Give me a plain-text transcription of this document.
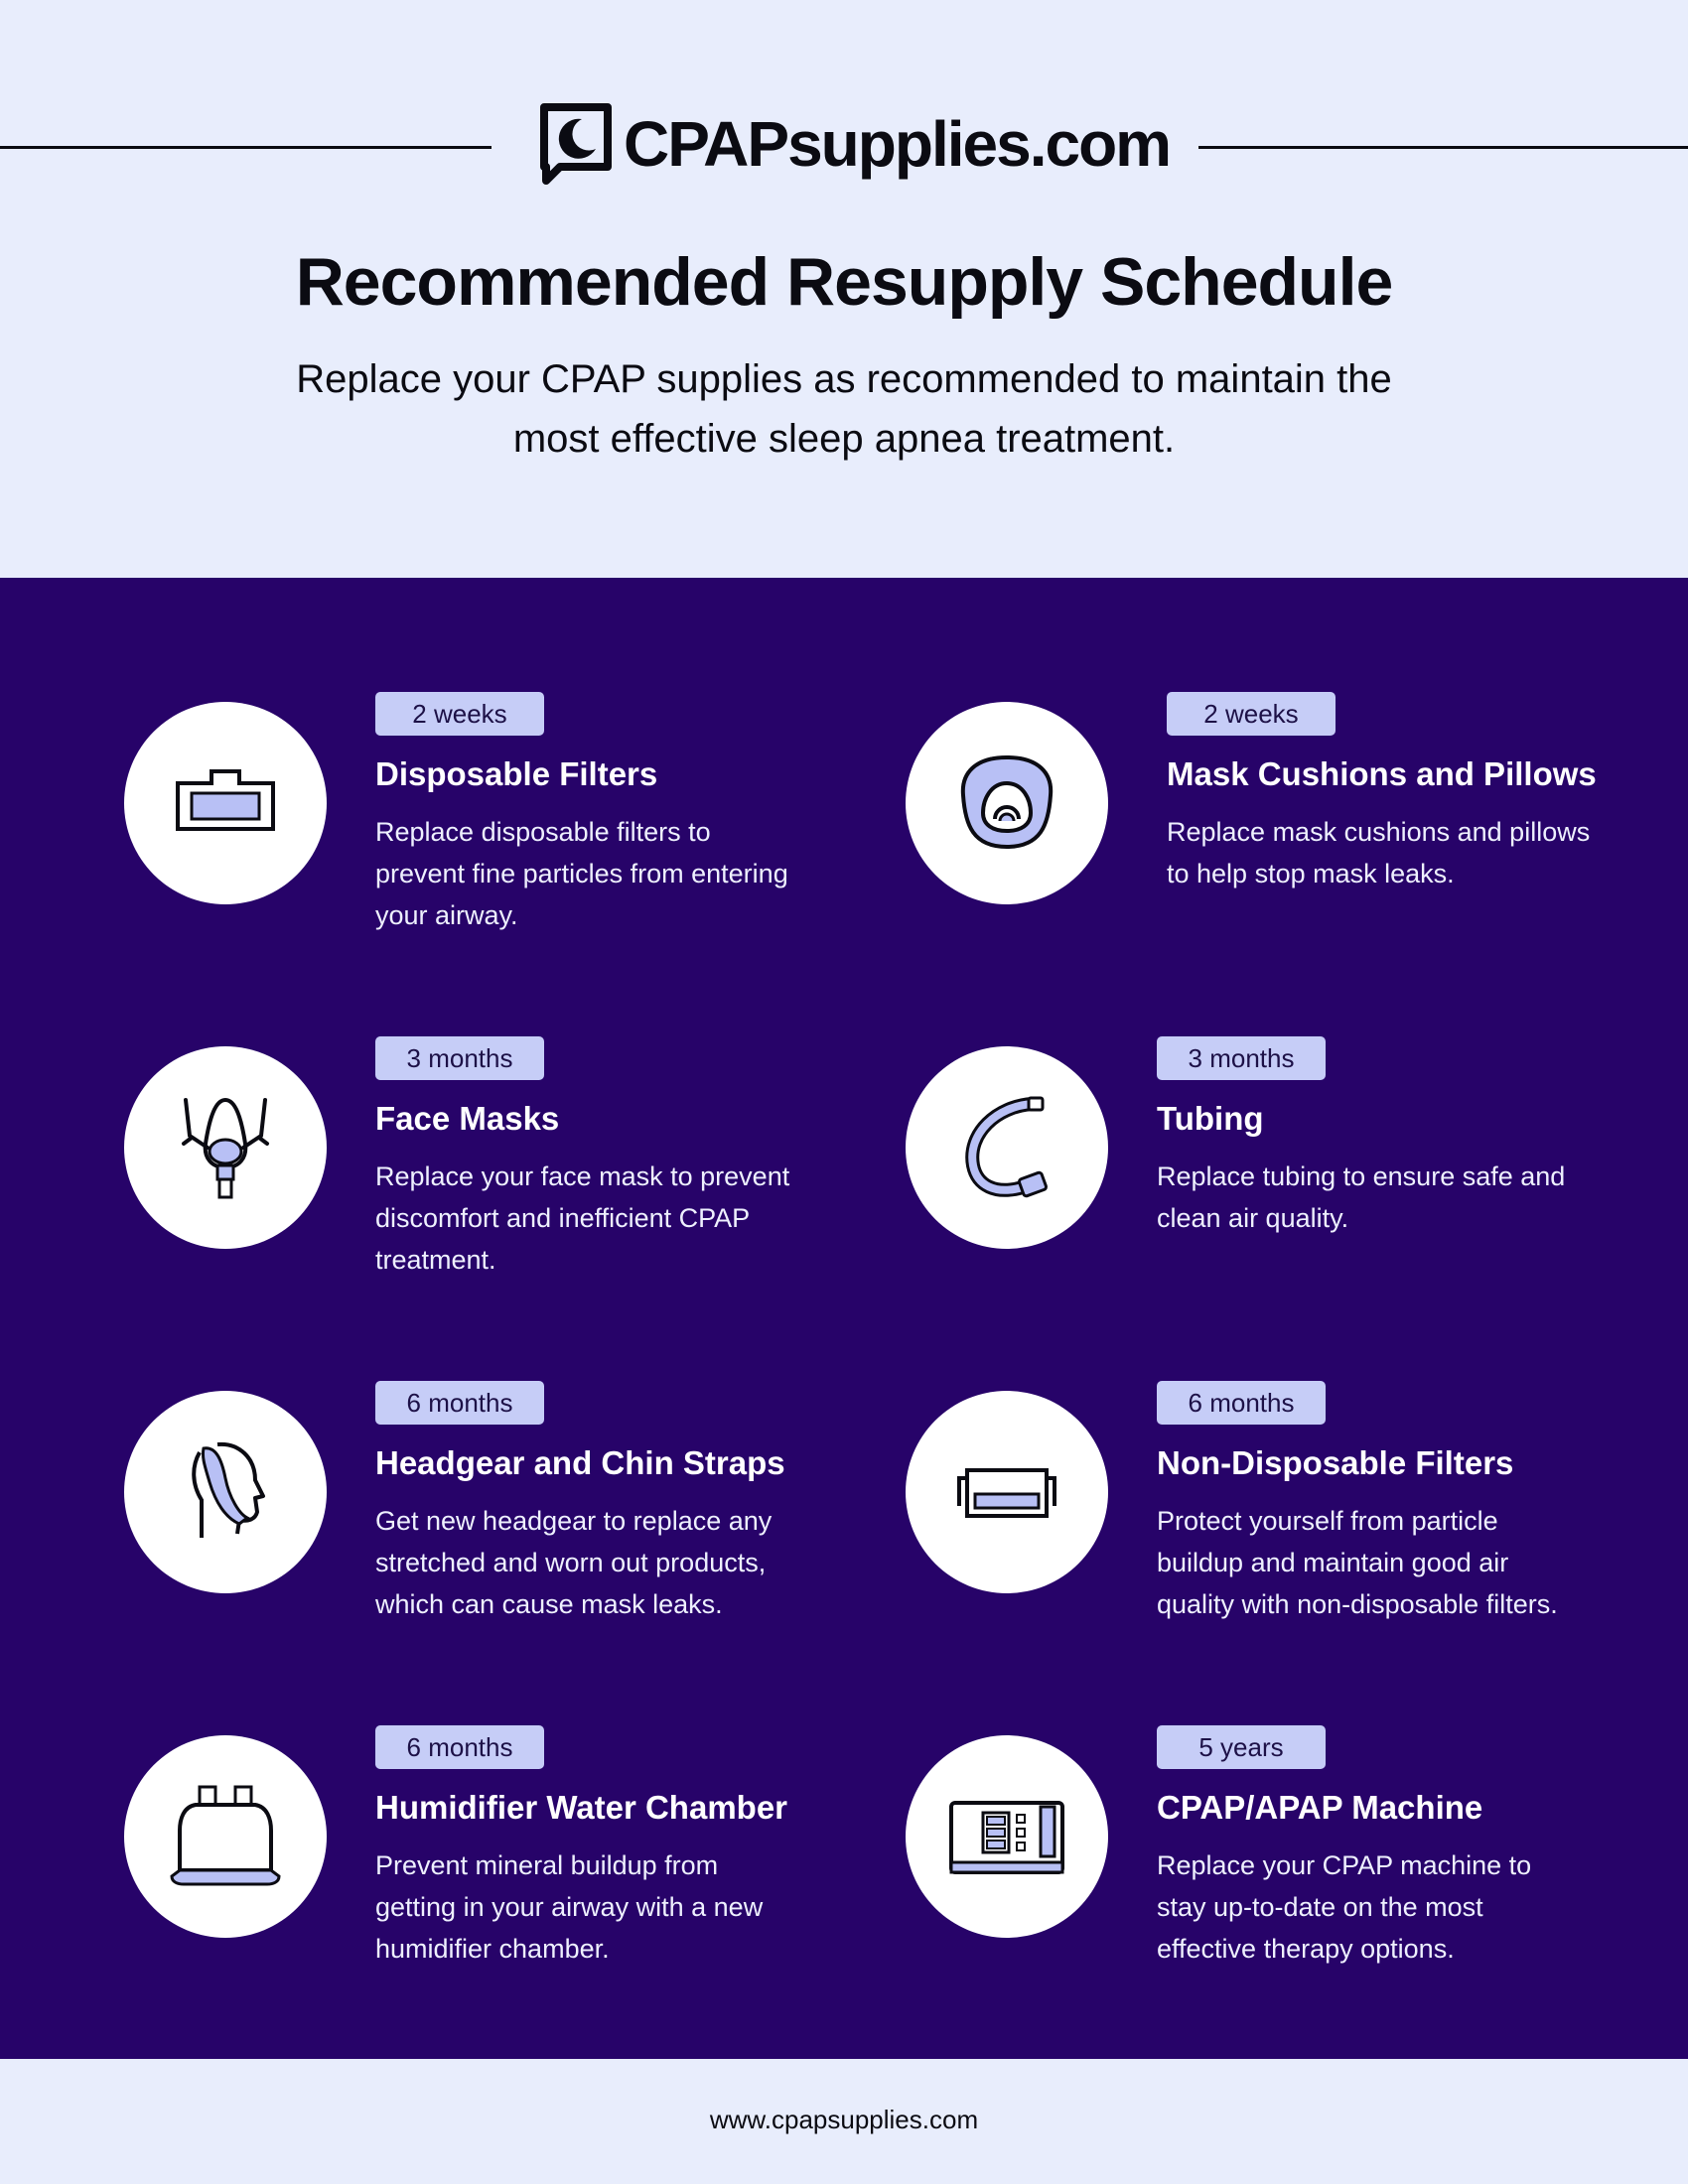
CPAPsupplies.com
Recommended Resupply Schedule

Replace your CPAP supplies as recommended to maintain the most effective sleep apnea treatment.

2 weeks
Disposable Filters

Replace disposable filters to prevent fine particles from entering your airway.

2 weeks
Mask Cushions and Pillows

Replace mask cushions and pillows to help stop mask leaks.

3 months
Face Masks

Replace your face mask to prevent discomfort and inefficient CPAP treatment.

3 months
Tubing

Replace tubing to ensure safe and clean air quality.

6 months
Headgear and Chin Straps

Get new headgear to replace any stretched and worn out products, which can cause mask leaks.

6 months
Non-Disposable Filters

Protect yourself from particle buildup and maintain good air quality with non-disposable filters.

6 months
Humidifier Water Chamber

Prevent mineral buildup from getting in your airway with a new humidifier chamber.

5 years
CPAP/APAP Machine

Replace your CPAP machine to stay up-to-date on the most effective therapy options.

www.cpapsupplies.com
